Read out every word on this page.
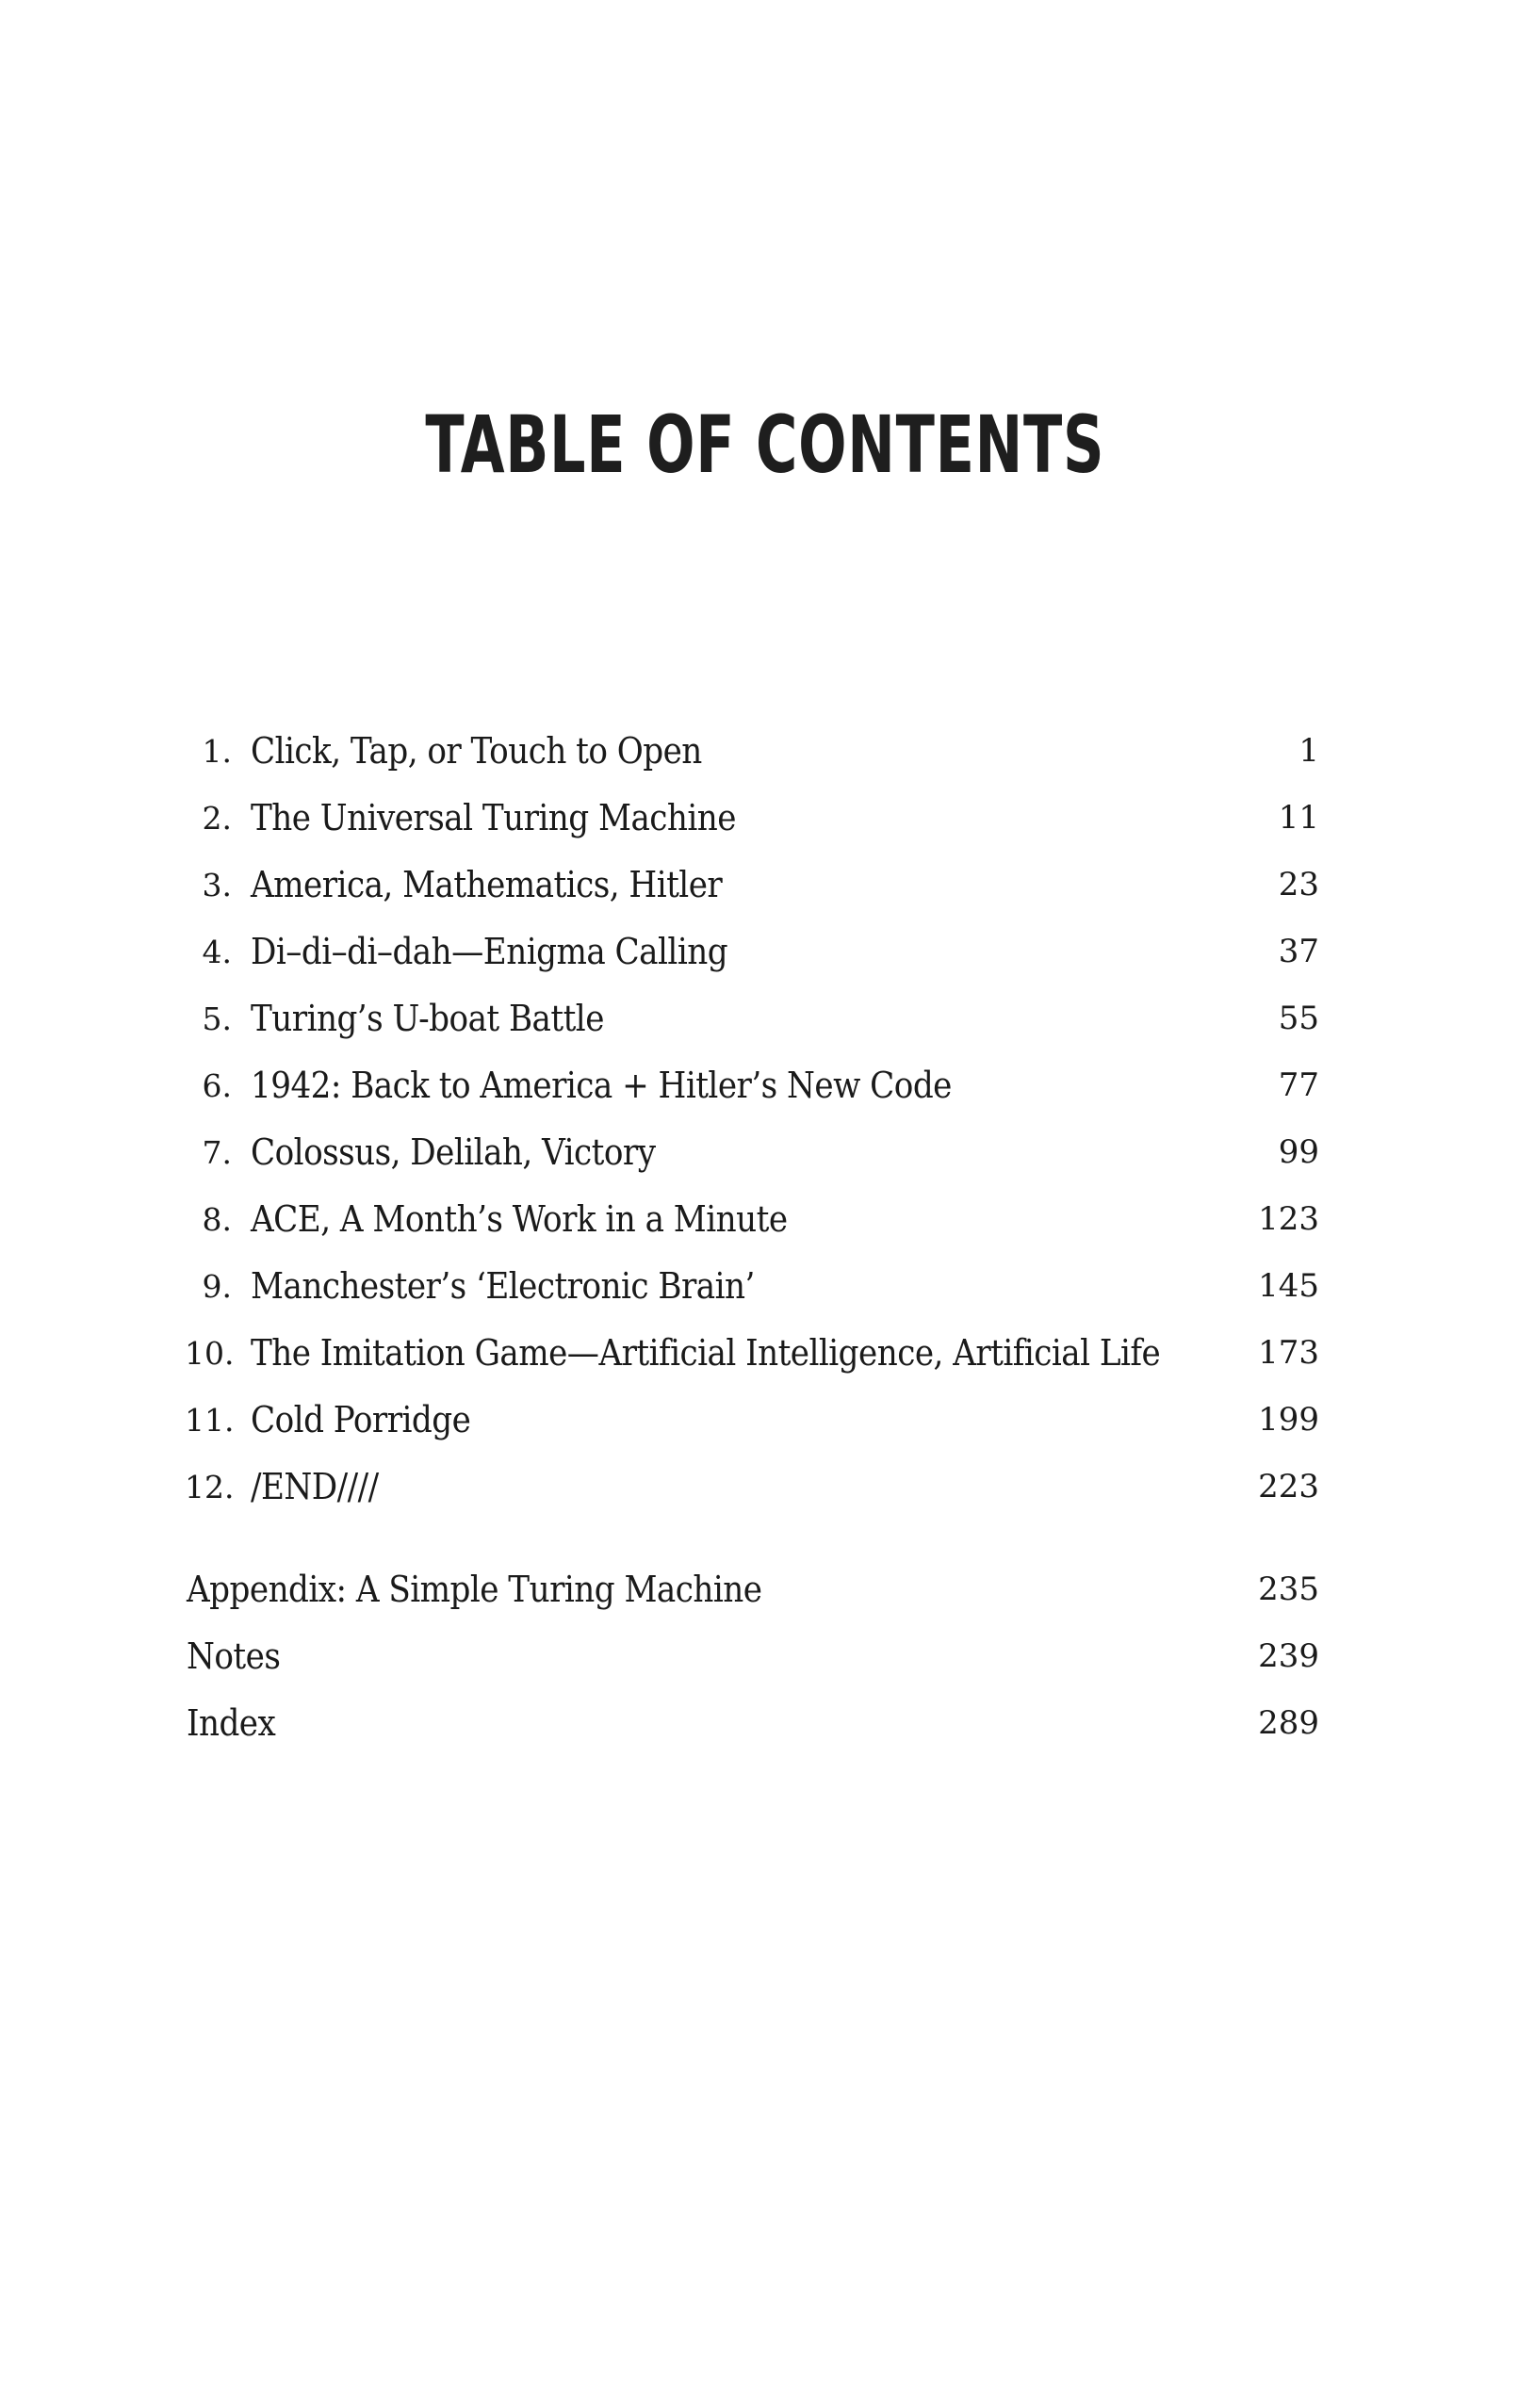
TABLE OF CONTENTS
1. Click, Tap, or Touch to Open	1
2. The Universal Turing Machine	11
3. America, Mathematics, Hitler	23
4. Di–di–di–dah—Enigma Calling	37
5. Turing’s U-boat Battle	55
6. 1942: Back to America + Hitler’s New Code	77
7. Colossus, Delilah, Victory	99
8. ACE, A Month’s Work in a Minute	123
9. Manchester’s ‘Electronic Brain’	145
10. The Imitation Game—Artificial Intelligence, Artificial Life	173
11. Cold Porridge	199
12. /END////	223
Appendix: A Simple Turing Machine	235
Notes	239
Index	289
